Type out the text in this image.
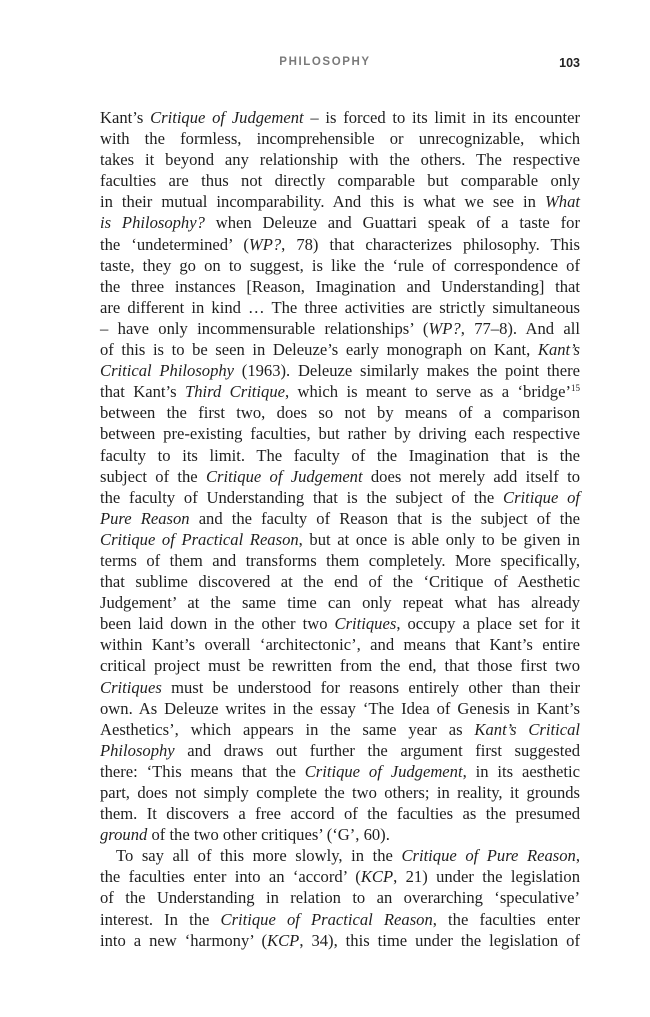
PHILOSOPHY	103
Kant’s Critique of Judgement – is forced to its limit in its encounter
with the formless, incomprehensible or unrecognizable, which
takes it beyond any relationship with the others. The respective
faculties are thus not directly comparable but comparable only
in their mutual incomparability. And this is what we see in What
is Philosophy? when Deleuze and Guattari speak of a taste for
the ‘undetermined’ (WP?, 78) that characterizes philosophy. This
taste, they go on to suggest, is like the ‘rule of correspondence of
the three instances [Reason, Imagination and Understanding] that
are different in kind … The three activities are strictly simultaneous
– have only incommensurable relationships’ (WP?, 77–8). And all
of this is to be seen in Deleuze’s early monograph on Kant, Kant’s
Critical Philosophy (1963). Deleuze similarly makes the point there
that Kant’s Third Critique, which is meant to serve as a ‘bridge’$^{15}$
between the first two, does so not by means of a comparison
between pre-existing faculties, but rather by driving each respective
faculty to its limit. The faculty of the Imagination that is the
subject of the Critique of Judgement does not merely add itself to
the faculty of Understanding that is the subject of the Critique of
Pure Reason and the faculty of Reason that is the subject of the
Critique of Practical Reason, but at once is able only to be given in
terms of them and transforms them completely. More specifically,
that sublime discovered at the end of the ‘Critique of Aesthetic
Judgement’ at the same time can only repeat what has already
been laid down in the other two Critiques, occupy a place set for it
within Kant’s overall ‘architectonic’, and means that Kant’s entire
critical project must be rewritten from the end, that those first two
Critiques must be understood for reasons entirely other than their
own. As Deleuze writes in the essay ‘The Idea of Genesis in Kant’s
Aesthetics’, which appears in the same year as Kant’s Critical
Philosophy and draws out further the argument first suggested
there: ‘This means that the Critique of Judgement, in its aesthetic
part, does not simply complete the two others; in reality, it grounds
them. It discovers a free accord of the faculties as the presumed
ground of the two other critiques’ (‘G’, 60).
To say all of this more slowly, in the Critique of Pure Reason,
the faculties enter into an ‘accord’ (KCP, 21) under the legislation
of the Understanding in relation to an overarching ‘speculative’
interest. In the Critique of Practical Reason, the faculties enter
into a new ‘harmony’ (KCP, 34), this time under the legislation of
